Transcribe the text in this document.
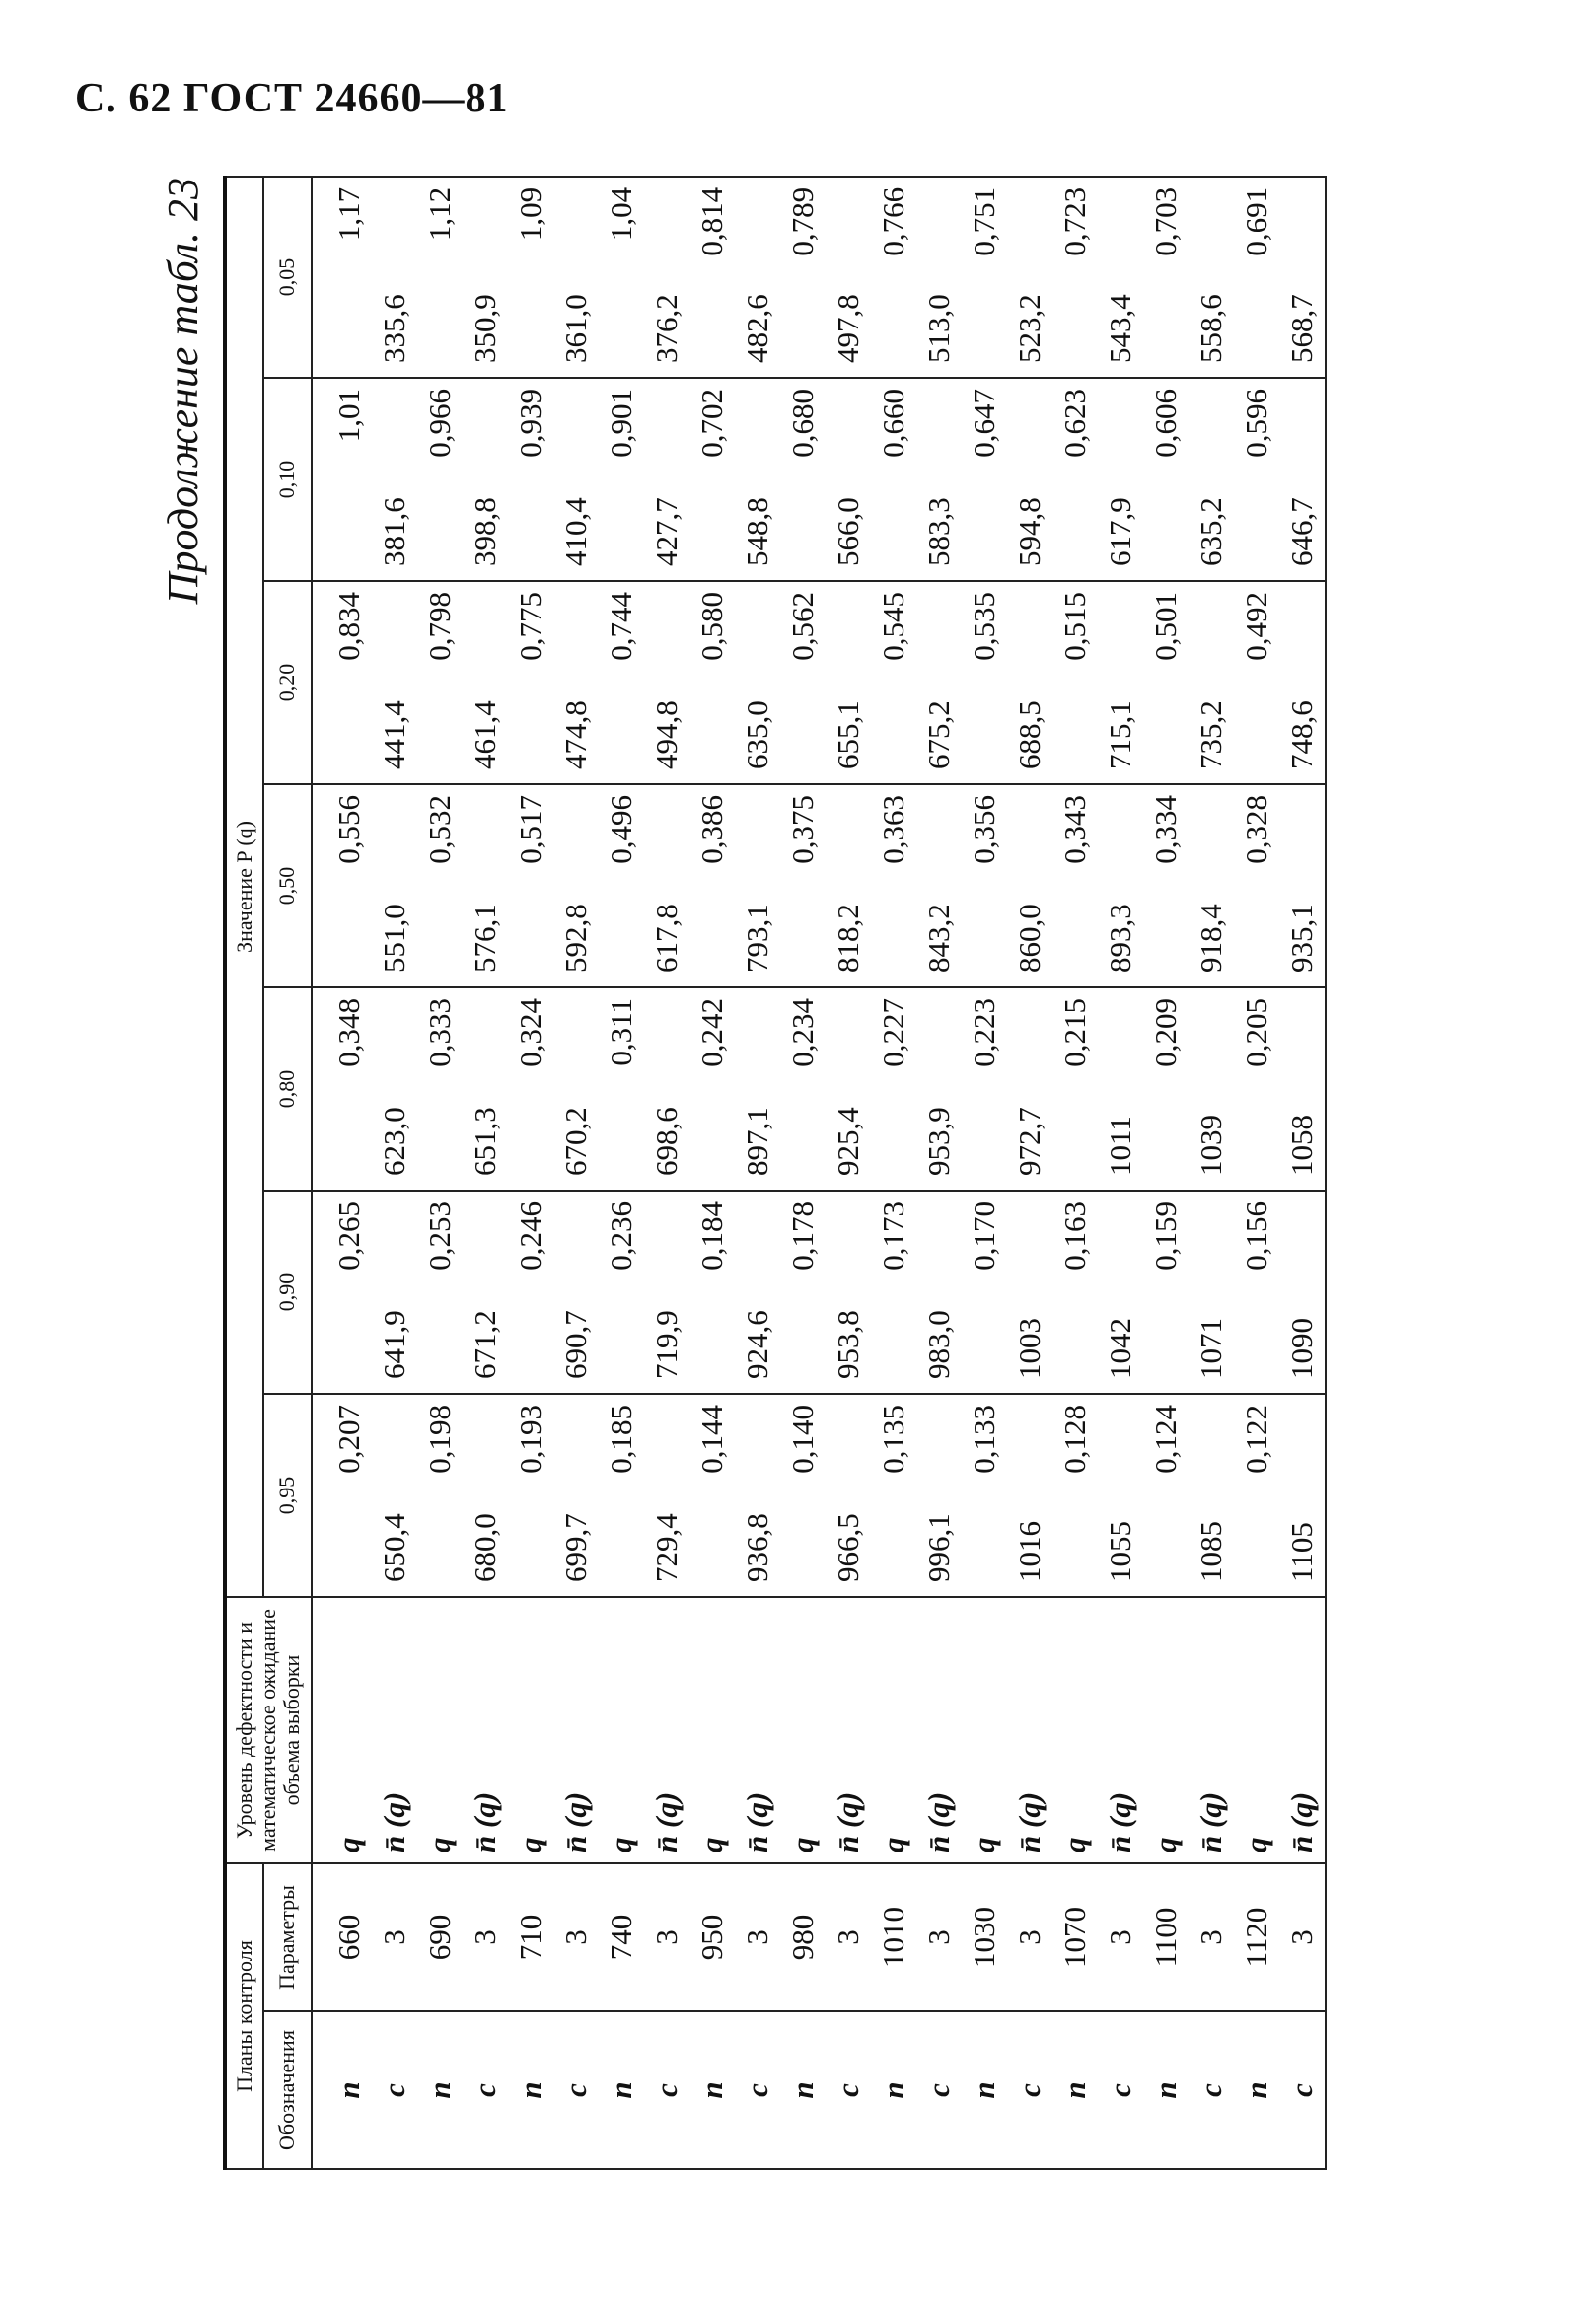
С. 62 ГОСТ 24660—81
Продолжение табл. 23
Планы контроля		Уровень дефектности и математическое ожидание объема выборки	Значение P (q)						
Обозначения	Параметры		0,95	0,90	0,80	0,50	0,20	0,10	0,05

n	660	q	0,207	0,265	0,348	0,556	0,834	1,01	1,17
c	3	n̄ (q)	650,4	641,9	623,0	551,0	441,4	381,6	335,6
n	690	q	0,198	0,253	0,333	0,532	0,798	0,966	1,12
c	3	n̄ (q)	680,0	671,2	651,3	576,1	461,4	398,8	350,9
n	710	q	0,193	0,246	0,324	0,517	0,775	0,939	1,09
c	3	n̄ (q)	699,7	690,7	670,2	592,8	474,8	410,4	361,0
n	740	q	0,185	0,236	0,311	0,496	0,744	0,901	1,04
c	3	n̄ (q)	729,4	719,9	698,6	617,8	494,8	427,7	376,2
n	950	q	0,144	0,184	0,242	0,386	0,580	0,702	0,814
c	3	n̄ (q)	936,8	924,6	897,1	793,1	635,0	548,8	482,6
n	980	q	0,140	0,178	0,234	0,375	0,562	0,680	0,789
c	3	n̄ (q)	966,5	953,8	925,4	818,2	655,1	566,0	497,8
n	1010	q	0,135	0,173	0,227	0,363	0,545	0,660	0,766
c	3	n̄ (q)	996,1	983,0	953,9	843,2	675,2	583,3	513,0
n	1030	q	0,133	0,170	0,223	0,356	0,535	0,647	0,751
c	3	n̄ (q)	1016	1003	972,7	860,0	688,5	594,8	523,2
n	1070	q	0,128	0,163	0,215	0,343	0,515	0,623	0,723
c	3	n̄ (q)	1055	1042	1011	893,3	715,1	617,9	543,4
n	1100	q	0,124	0,159	0,209	0,334	0,501	0,606	0,703
c	3	n̄ (q)	1085	1071	1039	918,4	735,2	635,2	558,6
n	1120	q	0,122	0,156	0,205	0,328	0,492	0,596	0,691
c	3	n̄ (q)	1105	1090	1058	935,1	748,6	646,7	568,7
